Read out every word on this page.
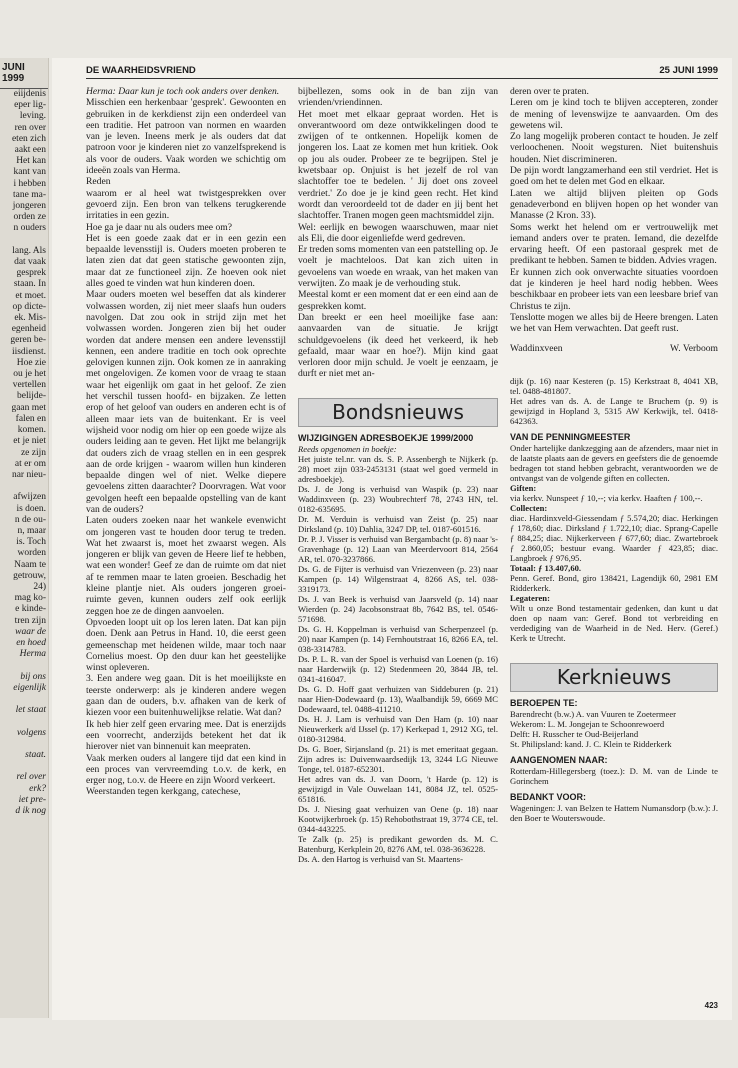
JUNI 1999
eiijdenis
eper lig-
leving.
ren over
eten zich
aakt een
Het kan
kant van
i hebben
tane ma-
jongeren
orden ze
n ouders

lang. Als
dat vaak
gesprek
staan. In
et moet.
op dicte-
ek. Mis-
egenheid
geren be-
iisdienst.
Hoe zie
ou je het
vertellen
belijde-
gaan met
falen en
komen.
et je niet
ze zijn
at er om
nar nieu-

afwijzen
is doen.
n de ou-
n, maar
is. Toch
worden
Naam te
getrouw,
24)
mag ko-
e kinde-
tren zijn
waar de
en hoed
Herma

bij ons
eigenlijk

let staat

volgens

staat.

rel over
erk?
iet pre-
d ik nog
DE WAARHEIDSVRIEND	25 JUNI 1999

Herma: Daar kun je toch ook anders over denken.

Misschien een herkenbaar 'gesprek'. Gewoonten en gebruiken in de kerkdienst zijn een onderdeel van een traditie. Het patroon van normen en waarden van je leven. Ineens merk je als ouders dat dat patroon voor je kinderen niet zo vanzelfsprekend is als voor de ouders. Vaak worden we schichtig om ideeën zoals van Herma.

Reden

waarom er al heel wat twistgesprekken over gevoerd zijn. Een bron van telkens terugkerende irritaties in een gezin.

Hoe ga je daar nu als ouders mee om?

Het is een goede zaak dat er in een gezin een bepaalde levensstijl is. Ouders moeten proberen te laten zien dat dat geen statische gewoonten zijn, maar dat ze functioneel zijn. Ze hoeven ook niet alles goed te vinden wat hun kinderen doen.

Maar ouders moeten wel beseffen dat als kinderer volwassen worden, zij niet meer slaafs hun ouders navolgen. Dat zou ook in strijd zijn met het volwassen worden. Jongeren zien bij het ouder worden dat andere mensen een andere levensstijl kennen, een andere traditie en toch ook oprechte gelovigen kunnen zijn. Ook komen ze in aanraking met ongelovigen. Ze komen voor de vraag te staan waar het eigenlijk om gaat in het geloof. Ze zien het verschil tussen hoofd- en bijzaken. Ze letten erop of het geloof van ouders en anderen echt is of alleen maar iets van de buitenkant. Er is veel wijsheid voor nodig om hier op een goede wijze als ouders leiding aan te geven. Het lijkt me belangrijk dat ouders zich de vraag stellen en in een gesprek aan de orde krijgen - waarom willen hun kinderen bepaalde dingen wel of niet. Welke diepere gevoelens zitten daarachter? Doorvragen. Wat voor gevolgen heeft een bepaalde opstelling van de kant van de ouders?

Laten ouders zoeken naar het wankele evenwicht om jongeren vast te houden door terug te treden. Wat het zwaarst is, moet het zwaarst wegen. Als jongeren er blijk van geven de Heere lief te hebben, wat een wonder! Geef ze dan de ruimte om dat niet af te remmen maar te laten groeien. Beschadig het kleine plantje niet. Als ouders jongeren groei- ruimte geven, kunnen ouders zelf ook eerlijk zeggen hoe ze de dingen aanvoelen.

Opvoeden loopt uit op los leren laten. Dat kan pijn doen. Denk aan Petrus in Hand. 10, die eerst geen gemeenschap met heidenen wilde, maar toch naar Cornelius moest. Op den duur kan het geestelijke winst opleveren.

3. Een andere weg gaan. Dit is het moeilijkste en teerste onderwerp: als je kinderen andere wegen gaan dan de ouders, b.v. afhaken van de kerk of kiezen voor een buitenhuwelijkse relatie. Wat dan?

Ik heb hier zelf geen ervaring mee. Dat is enerzijds een voorrecht, anderzijds betekent het dat ik hierover niet van binnenuit kan meepraten.

Vaak merken ouders al langere tijd dat een kind in een proces van vervreemding t.o.v. de kerk, en erger nog, t.o.v. de Heere en zijn Woord verkeert.

Weerstanden tegen kerkgang, catechese,

bijbellezen, soms ook in de ban zijn van vrienden/vriendinnen.

Het moet met elkaar gepraat worden. Het is onverantwoord om deze ontwikkelingen dood te zwijgen of te ontkennen. Hopelijk komen de jongeren los. Laat ze komen met hun kritiek. Ook op jou als ouder. Probeer ze te begrijpen. Stel je kwetsbaar op. Onjuist is het jezelf de rol van slachtoffer toe te bedelen. ' Jij doet ons zoveel verdriet.' Zo doe je je kind geen recht. Het kind wordt dan veroordeeld tot de dader en jij bent het slachtoffer. Tranen mogen geen machtsmiddel zijn.

Wel: eerlijk en bewogen waarschuwen, maar niet als Eli, die door eigenliefde werd gedreven.

Er treden soms momenten van een patstelling op. Je voelt je machteloos. Dat kan zich uiten in gevoelens van woede en wraak, van het maken van verwijten. Zo maak je de verhouding stuk.

Meestal komt er een moment dat er een eind aan de gesprekken komt.

Dan breekt er een heel moeilijke fase aan: aanvaarden van de situatie. Je krijgt schuldgevoelens (ik deed het verkeerd, ik heb gefaald, maar waar en hoe?). Mijn kind gaat verloren door mijn schuld. Je voelt je eenzaam, je durft er niet met an-

Bondsnieuws
WIJZIGINGEN ADRESBOEKJE 1999/2000

Reeds opgenomen in boekje:

Het juiste tel.nr. van ds. S. P. Assenbergh te Nijkerk (p. 28) moet zijn 033-2453131 (staat wel goed vermeld in adresboekje).

Ds. J. de Jong is verhuisd van Waspik (p. 23) naar Waddinxveen (p. 23) Woubrechterf 78, 2743 HN, tel. 0182-635695.

Dr. M. Verduin is verhuisd van Zeist (p. 25) naar Dirksland (p. 10) Dahlia, 3247 DP, tel. 0187-601516.

Dr. P. J. Visser is verhuisd van Bergambacht (p. 8) naar 's-Gravenhage (p. 12) Laan van Meerdervoort 814, 2564 AR, tel. 070-3237866.

Ds. G. de Fijter is verhuisd van Vriezenveen (p. 23) naar Kampen (p. 14) Wilgenstraat 4, 8266 AS, tel. 038-3319173.

Ds. J. van Beek is verhuisd van Jaarsveld (p. 14) naar Wierden (p. 24) Jacobsonstraat 8b, 7642 BS, tel. 0546-571698.

Ds. G. H. Koppelman is verhuisd van Scherpenzeel (p. 20) naar Kampen (p. 14) Fernhoutstraat 16, 8266 EA, tel. 038-3314783.

Ds. P. L. R. van der Spoel is verhuisd van Loenen (p. 16) naar Harderwijk (p. 12) Stedenmeen 20, 3844 JB, tel. 0341-416047.

Ds. G. D. Hoff gaat verhuizen van Siddeburen (p. 21) naar Hien-Dodewaard (p. 13), Waalbandijk 59, 6669 MC Dodewaard, tel. 0488-411210.

Ds. H. J. Lam is verhuisd van Den Ham (p. 10) naar Nieuwerkerk a/d IJssel (p. 17) Kerkepad 1, 2912 XG, tel. 0180-312984.

Ds. G. Boer, Sirjansland (p. 21) is met emeritaat gegaan. Zijn adres is: Duivenwaardsedijk 13, 3244 LG Nieuwe Tonge, tel. 0187-652301.

Het adres van ds. J. van Doorn, 't Harde (p. 12) is gewijzigd in Vale Ouwelaan 141, 8084 JZ, tel. 0525-651816.

Ds. J. Niesing gaat verhuizen van Oene (p. 18) naar Kootwijkerbroek (p. 15) Rehobothstraat 19, 3774 CE, tel. 0344-443225.

Te Zalk (p. 25) is predikant geworden ds. M. C. Batenburg, Kerkplein 20, 8276 AM, tel. 038-3636228.

Ds. A. den Hartog is verhuisd van St. Maartens-

deren over te praten.

Leren om je kind toch te blijven accepteren, zonder de mening of levenswijze te aanvaarden. Om des gewetens wil.

Zo lang mogelijk proberen contact te houden. Je zelf verloochenen. Nooit wegsturen. Niet buitenshuis houden. Niet discrimineren.

De pijn wordt langzamerhand een stil verdriet. Het is goed om het te delen met God en elkaar.

Laten we altijd blijven pleiten op Gods genadeverbond en blijven hopen op het wonder van Manasse (2 Kron. 33).

Soms werkt het helend om er vertrouwelijk met iemand anders over te praten. Iemand, die dezelfde ervaring heeft. Of een pastoraal gesprek met de predikant te hebben. Samen te bidden. Advies vragen.

Er kunnen zich ook onverwachte situaties voordoen dat je kinderen je heel hard nodig hebben. Wees beschikbaar en probeer iets van een leesbare brief van Christus te zijn.

Tenslotte mogen we alles bij de Heere brengen. Laten we het van Hem verwachten. Dat geeft rust.

Waddinxveen	W. Verboom

dijk (p. 16) naar Kesteren (p. 15) Kerkstraat 8, 4041 XB, tel. 0488-481807.

Het adres van ds. A. de Lange te Bruchem (p. 9) is gewijzigd in Hopland 3, 5315 AW Kerkwijk, tel. 0418-642363.

VAN DE PENNINGMEESTER

Onder hartelijke dankzegging aan de afzenders, maar niet in de laatste plaats aan de gevers en geefsters die de genoemde bedragen tot stand hebben gebracht, verantwoorden we de ontvangst van de volgende giften en collecten.

Giften:

via kerkv. Nunspeet ƒ 10,--; via kerkv. Haaften ƒ 100,--.

Collecten:

diac. Hardinxveld-Giessendam ƒ 5.574,20; diac. Herkingen ƒ 178,60; diac. Dirksland ƒ 1.722,10; diac. Sprang-Capelle ƒ 884,25; diac. Nijkerkerveen ƒ 677,60; diac. Zwartebroek ƒ 2.860,05; bestuur evang. Waarder ƒ 423,85; diac. Langbroek ƒ 976,95.

Totaal: ƒ 13.407,60.

Penn. Geref. Bond, giro 138421, Lagendijk 60, 2981 EM Ridderkerk.

Legateren:

Wilt u onze Bond testamentair gedenken, dan kunt u dat doen op naam van: Geref. Bond tot verbreiding en verdediging van de Waarheid in de Ned. Herv. (Geref.) Kerk te Utrecht.

Kerknieuws
BEROEPEN TE:

Barendrecht (b.w.) A. van Vuuren te Zoetermeer

Wekerom: L. M. Jongejan te Schoonrewoerd

Delft: H. Russcher te Oud-Beijerland

St. Philipsland: kand. J. C. Klein te Ridderkerk

AANGENOMEN NAAR:

Rotterdam-Hillegersberg (toez.): D. M. van de Linde te Gorinchem

BEDANKT VOOR:

Wageningen: J. van Belzen te Hattem Numansdorp (b.w.): J. den Boer te Wouterswoude.

423
